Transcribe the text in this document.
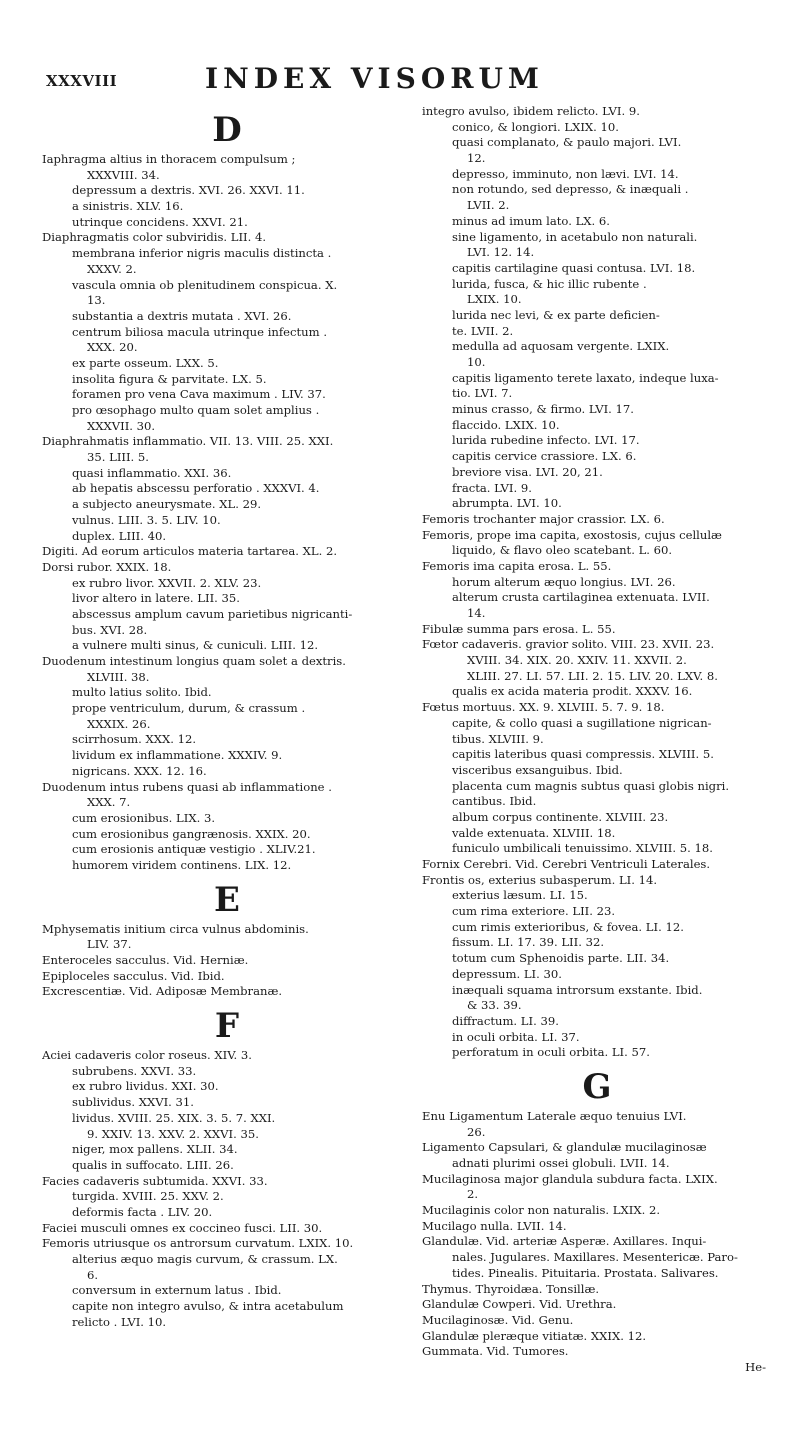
XXXVIII	INDEX VISORUM
D
Iaphragma altius in thoracem compulsum ;
XXXVIII. 34.
depressum a dextris. XVI. 26. XXVI. 11.
a sinistris. XLV. 16.
utrinque concidens. XXVI. 21.
Diaphragmatis color subviridis. LII. 4.
membrana inferior nigris maculis distincta .
XXXV. 2.
vascula omnia ob plenitudinem conspicua. X.
13.
substantia a dextris mutata . XVI. 26.
centrum biliosa macula utrinque infectum .
XXX. 20.
ex parte osseum. LXX. 5.
insolita figura & parvitate. LX. 5.
foramen pro vena Cava maximum . LIV. 37.
pro œsophago multo quam solet amplius .
XXXVII. 30.
Diaphrahmatis inflammatio. VII. 13. VIII. 25. XXI.
35. LIII. 5.
quasi inflammatio. XXI. 36.
ab hepatis abscessu perforatio . XXXVI. 4.
a subjecto aneurysmate. XL. 29.
vulnus. LIII. 3. 5. LIV. 10.
duplex. LIII. 40.
Digiti. Ad eorum articulos materia tartarea. XL. 2.
Dorsi rubor. XXIX. 18.
ex rubro livor. XXVII. 2. XLV. 23.
livor altero in latere. LII. 35.
abscessus amplum cavum parietibus nigricanti-
bus. XVI. 28.
a vulnere multi sinus, & cuniculi. LIII. 12.
Duodenum intestinum longius quam solet a dextris.
XLVIII. 38.
multo latius solito. Ibid.
prope ventriculum, durum, & crassum .
XXXIX. 26.
scirrhosum. XXX. 12.
lividum ex inflammatione. XXXIV. 9.
nigricans. XXX. 12. 16.
Duodenum intus rubens quasi ab inflammatione .
XXX. 7.
cum erosionibus. LIX. 3.
cum erosionibus gangrænosis. XXIX. 20.
cum erosionis antiquæ vestigio . XLIV.21.
humorem viridem continens. LIX. 12.
E
Mphysematis initium circa vulnus abdominis.
LIV. 37.
Enteroceles sacculus. Vid. Herniæ.
Epiploceles sacculus. Vid. Ibid.
Excrescentiæ. Vid. Adiposæ Membranæ.
F
Aciei cadaveris color roseus. XIV. 3.
subrubens. XXVI. 33.
ex rubro lividus. XXI. 30.
sublividus. XXVI. 31.
lividus. XVIII. 25. XIX. 3. 5. 7. XXI.
9. XXIV. 13. XXV. 2. XXVI. 35.
niger, mox pallens. XLII. 34.
qualis in suffocato. LIII. 26.
Facies cadaveris subtumida. XXVI. 33.
turgida. XVIII. 25. XXV. 2.
deformis facta . LIV. 20.
Faciei musculi omnes ex coccineo fusci. LII. 30.
Femoris utriusque os antrorsum curvatum. LXIX. 10.
alterius æquo magis curvum, & crassum. LX.
6.
conversum in externum latus . Ibid.
capite non integro avulso, & intra acetabulum
relicto . LVI. 10.
integro avulso, ibidem relicto. LVI. 9.
conico, & longiori. LXIX. 10.
quasi complanato, & paulo majori. LVI.
12.
depresso, imminuto, non lævi. LVI. 14.
non rotundo, sed depresso, & inæquali .
LVII. 2.
minus ad imum lato. LX. 6.
sine ligamento, in acetabulo non naturali.
LVI. 12. 14.
capitis cartilagine quasi contusa. LVI. 18.
lurida, fusca, & hic illic rubente .
LXIX. 10.
lurida nec levi, & ex parte deficien-
te. LVII. 2.
medulla ad aquosam vergente. LXIX.
10.
capitis ligamento terete laxato, indeque luxa-
tio. LVI. 7.
minus crasso, & firmo. LVI. 17.
flaccido. LXIX. 10.
lurida rubedine infecto. LVI. 17.
capitis cervice crassiore. LX. 6.
breviore visa. LVI. 20, 21.
fracta. LVI. 9.
abrumpta. LVI. 10.
Femoris trochanter major crassior. LX. 6.
Femoris, prope ima capita, exostosis, cujus cellulæ
liquido, & flavo oleo scatebant. L. 60.
Femoris ima capita erosa. L. 55.
horum alterum æquo longius. LVI. 26.
alterum crusta cartilaginea extenuata. LVII.
14.
Fibulæ summa pars erosa. L. 55.
Fœtor cadaveris. gravior solito. VIII. 23. XVII. 23.
XVIII. 34. XIX. 20. XXIV. 11. XXVII. 2.
XLIII. 27. LI. 57. LII. 2. 15. LIV. 20. LXV. 8.
qualis ex acida materia prodit. XXXV. 16.
Fœtus mortuus. XX. 9. XLVIII. 5. 7. 9. 18.
capite, & collo quasi a sugillatione nigrican-
tibus. XLVIII. 9.
capitis lateribus quasi compressis. XLVIII. 5.
visceribus exsanguibus. Ibid.
placenta cum magnis subtus quasi globis nigri.
cantibus. Ibid.
album corpus continente. XLVIII. 23.
valde extenuata. XLVIII. 18.
funiculo umbilicali tenuissimo. XLVIII. 5. 18.
Fornix Cerebri. Vid. Cerebri Ventriculi Laterales.
Frontis os, exterius subasperum. LI. 14.
exterius læsum. LI. 15.
cum rima exteriore. LII. 23.
cum rimis exterioribus, & fovea. LI. 12.
fissum. LI. 17. 39. LII. 32.
totum cum Sphenoidis parte. LII. 34.
depressum. LI. 30.
inæquali squama introrsum exstante. Ibid.
& 33. 39.
diffractum. LI. 39.
in oculi orbita. LI. 37.
perforatum in oculi orbita. LI. 57.
G
Enu Ligamentum Laterale æquo tenuius LVI.
26.
Ligamento Capsulari, & glandulæ mucilaginosæ
adnati plurimi ossei globuli. LVII. 14.
Mucilaginosa major glandula subdura facta. LXIX.
2.
Mucilaginis color non naturalis. LXIX. 2.
Mucilago nulla. LVII. 14.
Glandulæ. Vid. arteriæ Asperæ. Axillares. Inqui-
nales. Jugulares. Maxillares. Mesentericæ. Paro-
tides. Pinealis. Pituitaria. Prostata. Salivares.
Thymus. Thyroidæa. Tonsillæ.
Glandulæ Cowperi. Vid. Urethra.
Mucilaginosæ. Vid. Genu.
Glandulæ pleræque vitiatæ. XXIX. 12.
Gummata. Vid. Tumores.
He-
